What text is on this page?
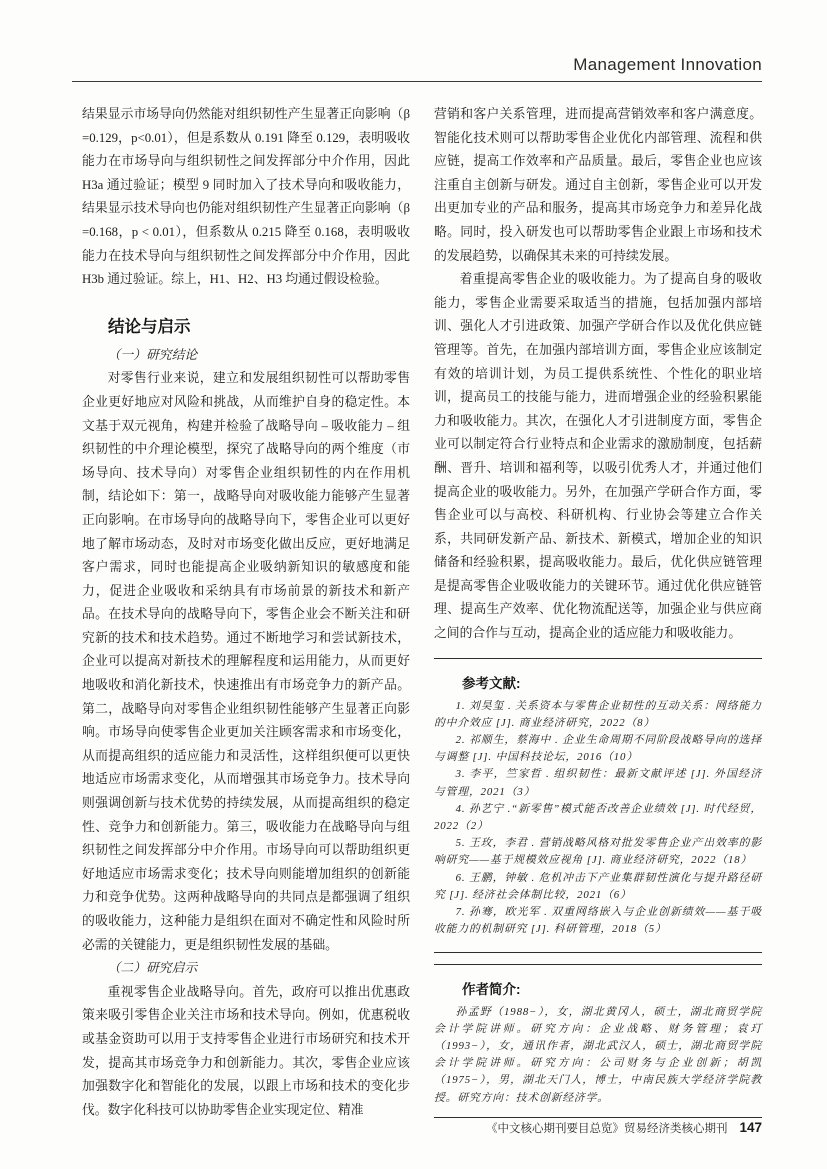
Management Innovation

结果显示市场导向仍然能对组织韧性产生显著正向影响（β =0.129，p<0.01），但是系数从 0.191 降至 0.129，表明吸收能力在市场导向与组织韧性之间发挥部分中介作用，因此 H3a 通过验证；模型 9 同时加入了技术导向和吸收能力，结果显示技术导向也仍能对组织韧性产生显著正向影响（β =0.168，p < 0.01），但系数从 0.215 降至 0.168，表明吸收能力在技术导向与组织韧性之间发挥部分中介作用，因此 H3b 通过验证。综上，H1、H2、H3 均通过假设检验。

结论与启示

（一）研究结论

对零售行业来说，建立和发展组织韧性可以帮助零售企业更好地应对风险和挑战，从而维护自身的稳定性。本文基于双元视角，构建并检验了战略导向 – 吸收能力 – 组织韧性的中介理论模型，探究了战略导向的两个维度（市场导向、技术导向）对零售企业组织韧性的内在作用机制，结论如下：第一，战略导向对吸收能力能够产生显著正向影响。在市场导向的战略导向下，零售企业可以更好地了解市场动态，及时对市场变化做出反应，更好地满足客户需求，同时也能提高企业吸纳新知识的敏感度和能力，促进企业吸收和采纳具有市场前景的新技术和新产品。在技术导向的战略导向下，零售企业会不断关注和研究新的技术和技术趋势。通过不断地学习和尝试新技术，企业可以提高对新技术的理解程度和运用能力，从而更好地吸收和消化新技术，快速推出有市场竞争力的新产品。第二，战略导向对零售企业组织韧性能够产生显著正向影响。市场导向使零售企业更加关注顾客需求和市场变化，从而提高组织的适应能力和灵活性，这样组织便可以更快地适应市场需求变化，从而增强其市场竞争力。技术导向则强调创新与技术优势的持续发展，从而提高组织的稳定性、竞争力和创新能力。第三，吸收能力在战略导向与组织韧性之间发挥部分中介作用。市场导向可以帮助组织更好地适应市场需求变化；技术导向则能增加组织的创新能力和竞争优势。这两种战略导向的共同点是都强调了组织的吸收能力，这种能力是组织在面对不确定性和风险时所必需的关键能力，更是组织韧性发展的基础。

（二）研究启示

重视零售企业战略导向。首先，政府可以推出优惠政策来吸引零售企业关注市场和技术导向。例如，优惠税收或基金资助可以用于支持零售企业进行市场研究和技术开发，提高其市场竞争力和创新能力。其次，零售企业应该加强数字化和智能化的发展，以跟上市场和技术的变化步伐。数字化科技可以协助零售企业实现定位、精准

营销和客户关系管理，进而提高营销效率和客户满意度。智能化技术则可以帮助零售企业优化内部管理、流程和供应链，提高工作效率和产品质量。最后，零售企业也应该注重自主创新与研发。通过自主创新，零售企业可以开发出更加专业的产品和服务，提高其市场竞争力和差异化战略。同时，投入研发也可以帮助零售企业跟上市场和技术的发展趋势，以确保其未来的可持续发展。

着重提高零售企业的吸收能力。为了提高自身的吸收能力，零售企业需要采取适当的措施，包括加强内部培训、强化人才引进政策、加强产学研合作以及优化供应链管理等。首先，在加强内部培训方面，零售企业应该制定有效的培训计划，为员工提供系统性、个性化的职业培训，提高员工的技能与能力，进而增强企业的经验积累能力和吸收能力。其次，在强化人才引进制度方面，零售企业可以制定符合行业特点和企业需求的激励制度，包括薪酬、晋升、培训和福利等，以吸引优秀人才，并通过他们提高企业的吸收能力。另外，在加强产学研合作方面，零售企业可以与高校、科研机构、行业协会等建立合作关系，共同研发新产品、新技术、新模式，增加企业的知识储备和经验积累，提高吸收能力。最后，优化供应链管理是提高零售企业吸收能力的关键环节。通过优化供应链管理、提高生产效率、优化物流配送等，加强企业与供应商之间的合作与互动，提高企业的适应能力和吸收能力。

参考文献:

1. 刘昊玺 . 关系资本与零售企业韧性的互动关系：网络能力的中介效应 [J]. 商业经济研究，2022（8）

2. 祁顺生，蔡海中 . 企业生命周期不同阶段战略导向的选择与调整 [J]. 中国科技论坛，2016（10）

3. 李平，竺家哲 . 组织韧性：最新文献评述 [J]. 外国经济与管理，2021（3）

4. 孙艺宁 .“新零售”模式能否改善企业绩效 [J]. 时代经贸，2022（2）

5. 王玫，李君 . 营销战略风格对批发零售企业产出效率的影响研究——基于规模效应视角 [J]. 商业经济研究，2022（18）

6. 王鹏，钟敏 . 危机冲击下产业集群韧性演化与提升路径研究 [J]. 经济社会体制比较，2021（6）

7. 孙骞，欧光军 . 双重网络嵌入与企业创新绩效——基于吸收能力的机制研究 [J]. 科研管理，2018（5）

作者简介:

孙孟野（1988−），女，湖北黄冈人，硕士，湖北商贸学院会计学院讲师。研究方向：企业战略、财务管理；袁玎（1993−），女，通讯作者，湖北武汉人，硕士，湖北商贸学院会计学院讲师。研究方向：公司财务与企业创新；胡凯（1975−），男，湖北天门人，博士，中南民族大学经济学院教授。研究方向：技术创新经济学。

《中文核心期刊要目总览》贸易经济类核心期刊 147
